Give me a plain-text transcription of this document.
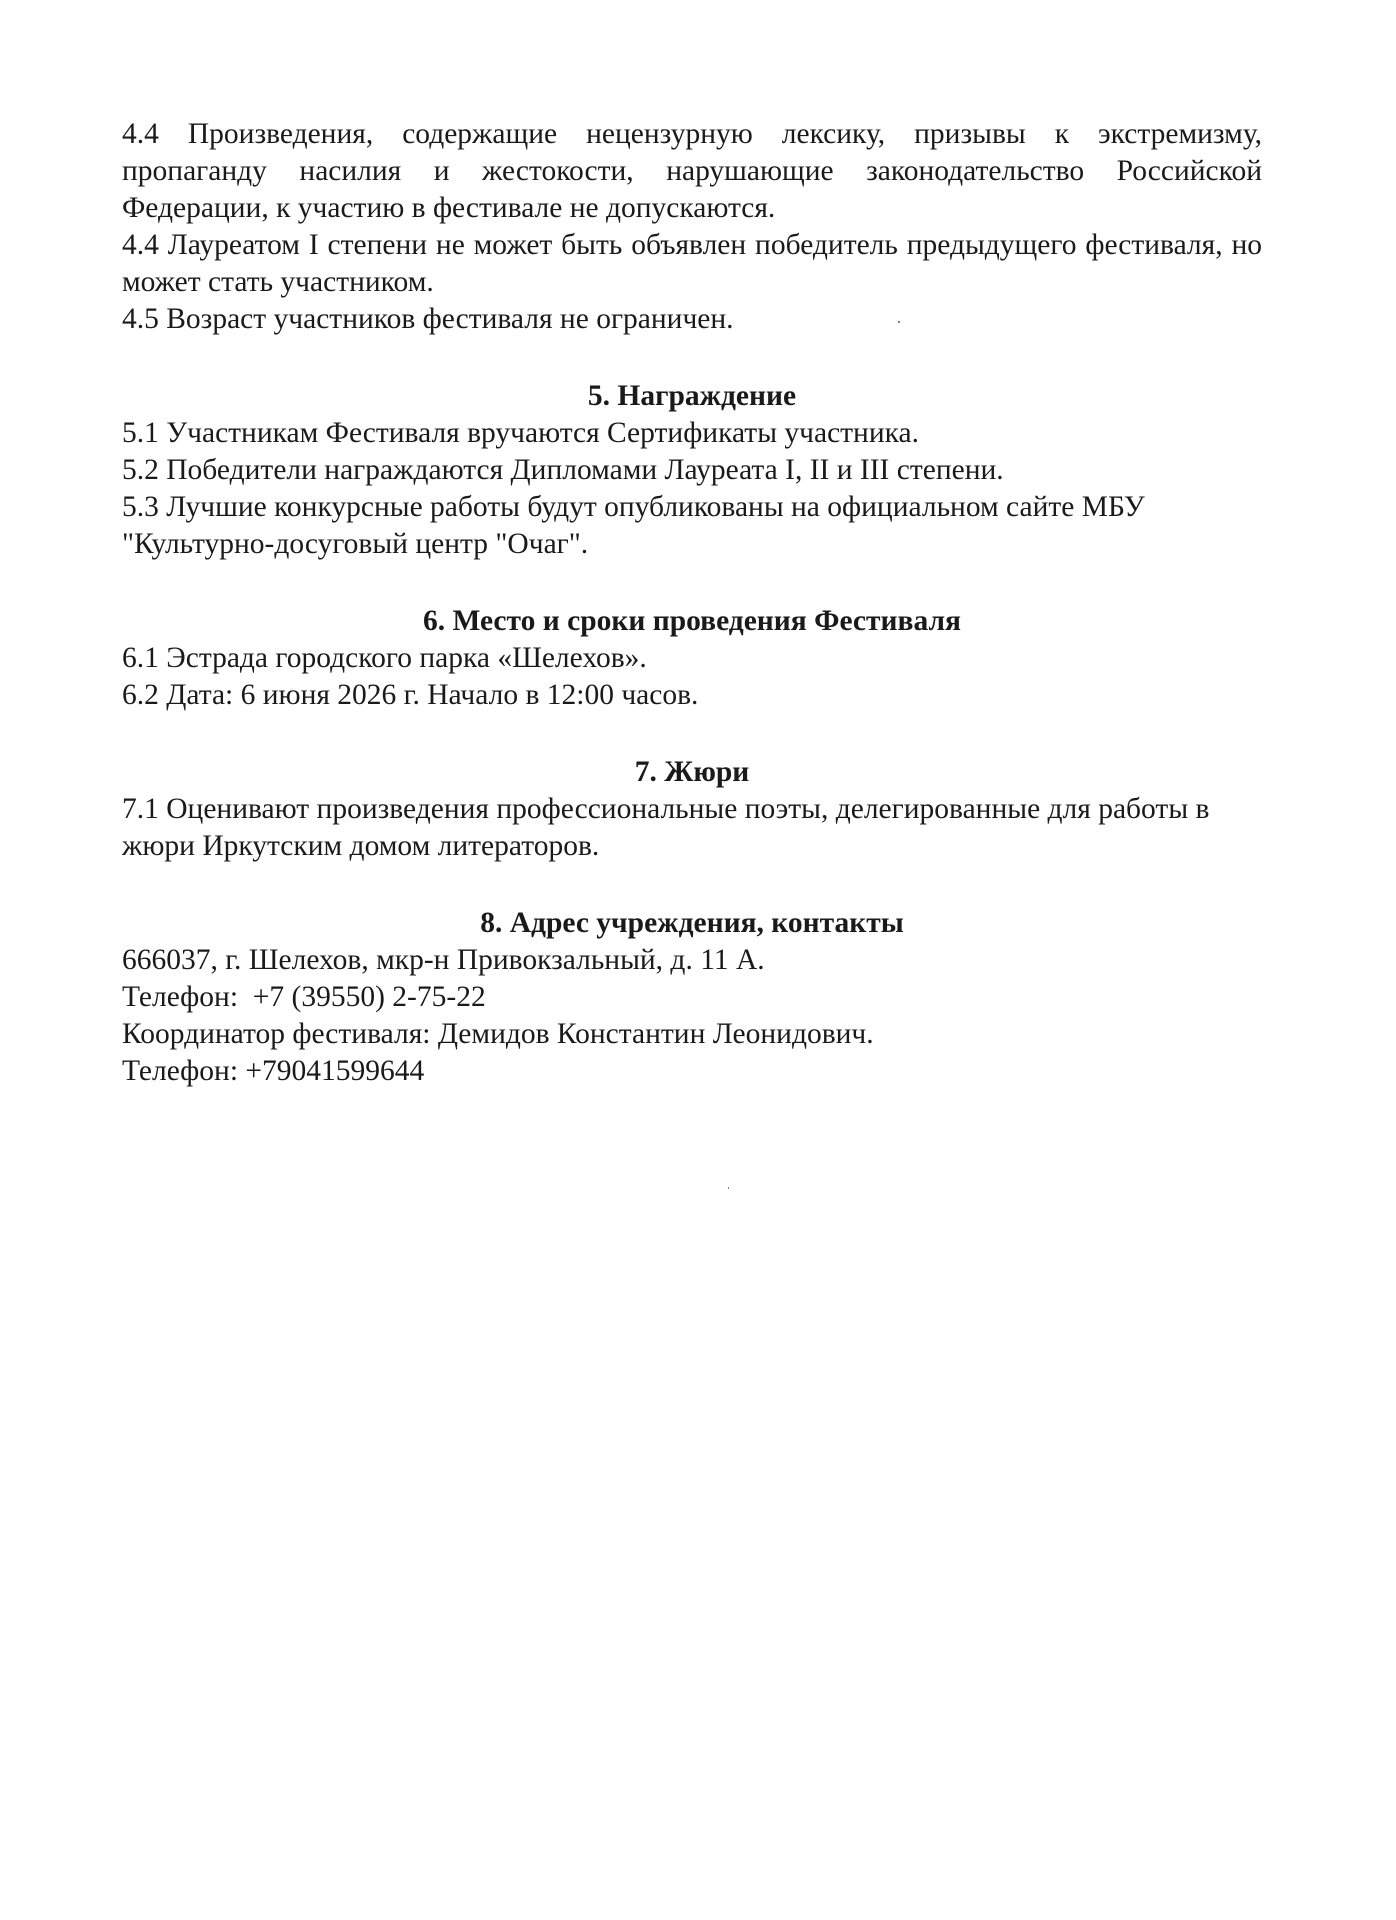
4.4 Произведения, содержащие нецензурную лексику, призывы к экстремизму, пропаганду насилия и жестокости, нарушающие законодательство Российской Федерации, к участию в фестивале не допускаются.

4.4 Лауреатом I степени не может быть объявлен победитель предыдущего фестиваля, но может стать участником.

4.5 Возраст участников фестиваля не ограничен.

5. Награждение

5.1 Участникам Фестиваля вручаются Сертификаты участника.

5.2 Победители награждаются Дипломами Лауреата I, II и III степени.

5.3 Лучшие конкурсные работы будут опубликованы на официальном сайте МБУ "Культурно-досуговый центр "Очаг".

6. Место и сроки проведения Фестиваля

6.1 Эстрада городского парка «Шелехов».

6.2 Дата: 6 июня 2026 г. Начало в 12:00 часов.

7. Жюри

7.1 Оценивают произведения профессиональные поэты, делегированные для работы в жюри Иркутским домом литераторов.

8. Адрес учреждения, контакты

666037, г. Шелехов, мкр-н Привокзальный, д. 11 А.

Телефон:  +7 (39550) 2-75-22

Координатор фестиваля: Демидов Константин Леонидович.

Телефон: +79041599644
